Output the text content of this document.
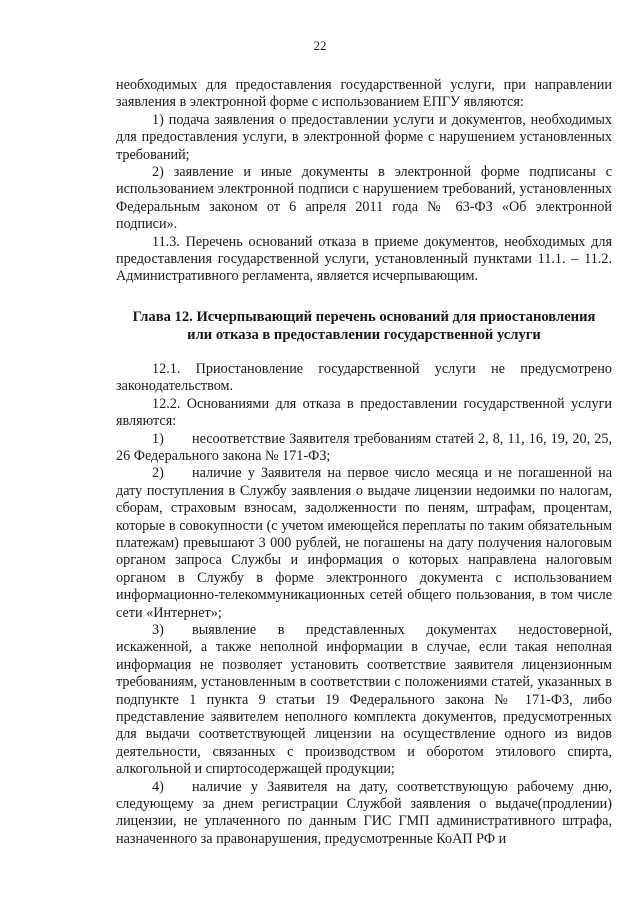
22

необходимых для предоставления государственной услуги, при направлении заявления в электронной форме с использованием ЕПГУ являются:

1) подача заявления о предоставлении услуги и документов, необходимых для предоставления услуги, в электронной форме с нарушением установленных требований;

2) заявление и иные документы в электронной форме подписаны с использованием электронной подписи с нарушением требований, установленных Федеральным законом от 6 апреля 2011 года № 63-ФЗ «Об электронной подписи».

11.3. Перечень оснований отказа в приеме документов, необходимых для предоставления государственной услуги, установленный пунктами 11.1. – 11.2. Административного регламента, является исчерпывающим.

Глава 12. Исчерпывающий перечень оснований для приостановления
или отказа в предоставлении государственной услуги

12.1. Приостановление государственной услуги не предусмотрено законодательством.

12.2. Основаниями для отказа в предоставлении государственной услуги являются:

1) несоответствие Заявителя требованиям статей 2, 8, 11, 16, 19, 20, 25, 26 Федерального закона № 171-ФЗ;

2) наличие у Заявителя на первое число месяца и не погашенной на дату поступления в Службу заявления о выдаче лицензии недоимки по налогам, сборам, страховым взносам, задолженности по пеням, штрафам, процентам, которые в совокупности (с учетом имеющейся переплаты по таким обязательным платежам) превышают 3 000 рублей, не погашены на дату получения налоговым органом запроса Службы и информация о которых направлена налоговым органом в Службу в форме электронного документа с использованием информационно-телекоммуникационных сетей общего пользования, в том числе сети «Интернет»;

3) выявление в представленных документах недостоверной, искаженной, а также неполной информации в случае, если такая неполная информация не позволяет установить соответствие заявителя лицензионным требованиям, установленным в соответствии с положениями статей, указанных в подпункте 1 пункта 9 статьи 19 Федерального закона № 171-ФЗ, либо представление заявителем неполного комплекта документов, предусмотренных для выдачи соответствующей лицензии на осуществление одного из видов деятельности, связанных с производством и оборотом этилового спирта, алкогольной и спиртосодержащей продукции;

4) наличие у Заявителя на дату, соответствующую рабочему дню, следующему за днем регистрации Службой заявления о выдаче(продлении) лицензии, не уплаченного по данным ГИС ГМП административного штрафа, назначенного за правонарушения, предусмотренные КоАП РФ и
